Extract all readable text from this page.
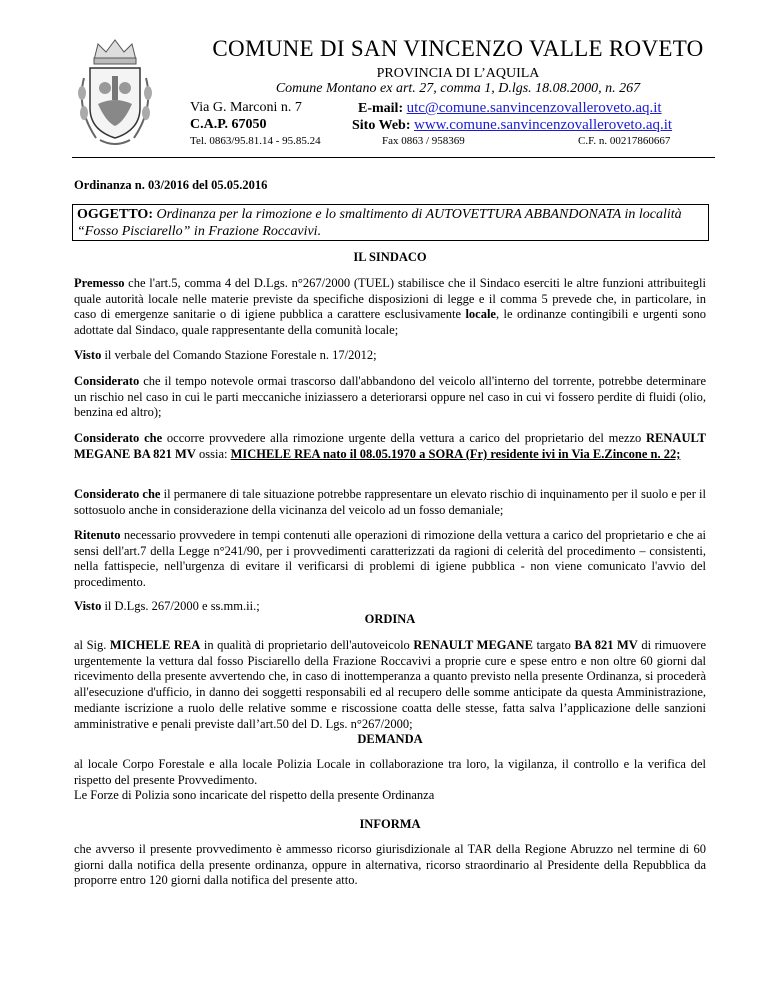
COMUNE DI SAN VINCENZO VALLE ROVETO
PROVINCIA DI L’AQUILA
Comune Montano ex art. 27, comma 1, D.lgs. 18.08.2000, n. 267
Via G. Marconi n. 7
C.A.P. 67050
E-mail: utc@comune.sanvincenzovalleroveto.aq.it
Sito Web: www.comune.sanvincenzovalleroveto.aq.it
Tel. 0863/95.81.14 - 95.85.24	Fax 0863 / 958369	C.F. n. 00217860667
Ordinanza n. 03/2016 del 05.05.2016
OGGETTO: Ordinanza per la rimozione e lo smaltimento di AUTOVETTURA ABBANDONATA in località “Fosso Pisciarello” in Frazione Roccavivi.
IL SINDACO
Premesso che l'art.5, comma 4 del D.Lgs. n°267/2000 (TUEL) stabilisce che il Sindaco eserciti le altre funzioni attribuitegli quale autorità locale nelle materie previste da specifiche disposizioni di legge e il comma 5 prevede che, in particolare, in caso di emergenze sanitarie o di igiene pubblica a carattere esclusivamente locale, le ordinanze contingibili e urgenti sono adottate dal Sindaco, quale rappresentante della comunità locale;
Visto il verbale del Comando Stazione Forestale n. 17/2012;
Considerato che il tempo notevole ormai trascorso dall'abbandono del veicolo all'interno del torrente, potrebbe determinare un rischio nel caso in cui le parti meccaniche iniziassero a deteriorarsi oppure nel caso in cui vi fossero perdite di fluidi (olio, benzina ed altro);
Considerato che occorre provvedere alla rimozione urgente della vettura a carico del proprietario del mezzo RENAULT MEGANE BA 821 MV ossia: MICHELE REA nato il 08.05.1970 a SORA (Fr) residente ivi in Via E.Zincone n. 22;
Considerato che il permanere di tale situazione potrebbe rappresentare un elevato rischio di inquinamento per il suolo e per il sottosuolo anche in considerazione della vicinanza del veicolo ad un fosso demaniale;
Ritenuto necessario provvedere in tempi contenuti alle operazioni di rimozione della vettura a carico del proprietario e che ai sensi dell'art.7 della Legge n°241/90, per i provvedimenti caratterizzati da ragioni di celerità del procedimento – consistenti, nella fattispecie, nell'urgenza di evitare il verificarsi di problemi di igiene pubblica - non viene comunicato l'avvio del procedimento.
Visto il D.Lgs. 267/2000 e ss.mm.ii.;
ORDINA
al Sig. MICHELE REA in qualità di proprietario dell'autoveicolo RENAULT MEGANE targato BA 821 MV di rimuovere urgentemente la vettura dal fosso Pisciarello della Frazione Roccavivi a proprie cure e spese entro e non oltre 60 giorni dal ricevimento della presente avvertendo che, in caso di inottemperanza a quanto previsto nella presente Ordinanza, si procederà all'esecuzione d'ufficio, in danno dei soggetti responsabili ed al recupero delle somme anticipate da questa Amministrazione, mediante iscrizione a ruolo delle relative somme e riscossione coatta delle stesse, fatta salva l’applicazione delle sanzioni amministrative e penali previste dall’art.50 del D. Lgs. n°267/2000;
DEMANDA
al locale Corpo Forestale e alla locale Polizia Locale in collaborazione tra loro, la vigilanza, il controllo e la verifica del rispetto del presente Provvedimento.
Le Forze di Polizia sono incaricate del rispetto della presente Ordinanza
INFORMA
che avverso il presente provvedimento è ammesso ricorso giurisdizionale al TAR della Regione Abruzzo nel termine di 60 giorni dalla notifica della presente ordinanza, oppure in alternativa, ricorso straordinario al Presidente della Repubblica da proporre entro 120 giorni dalla notifica del presente atto.
